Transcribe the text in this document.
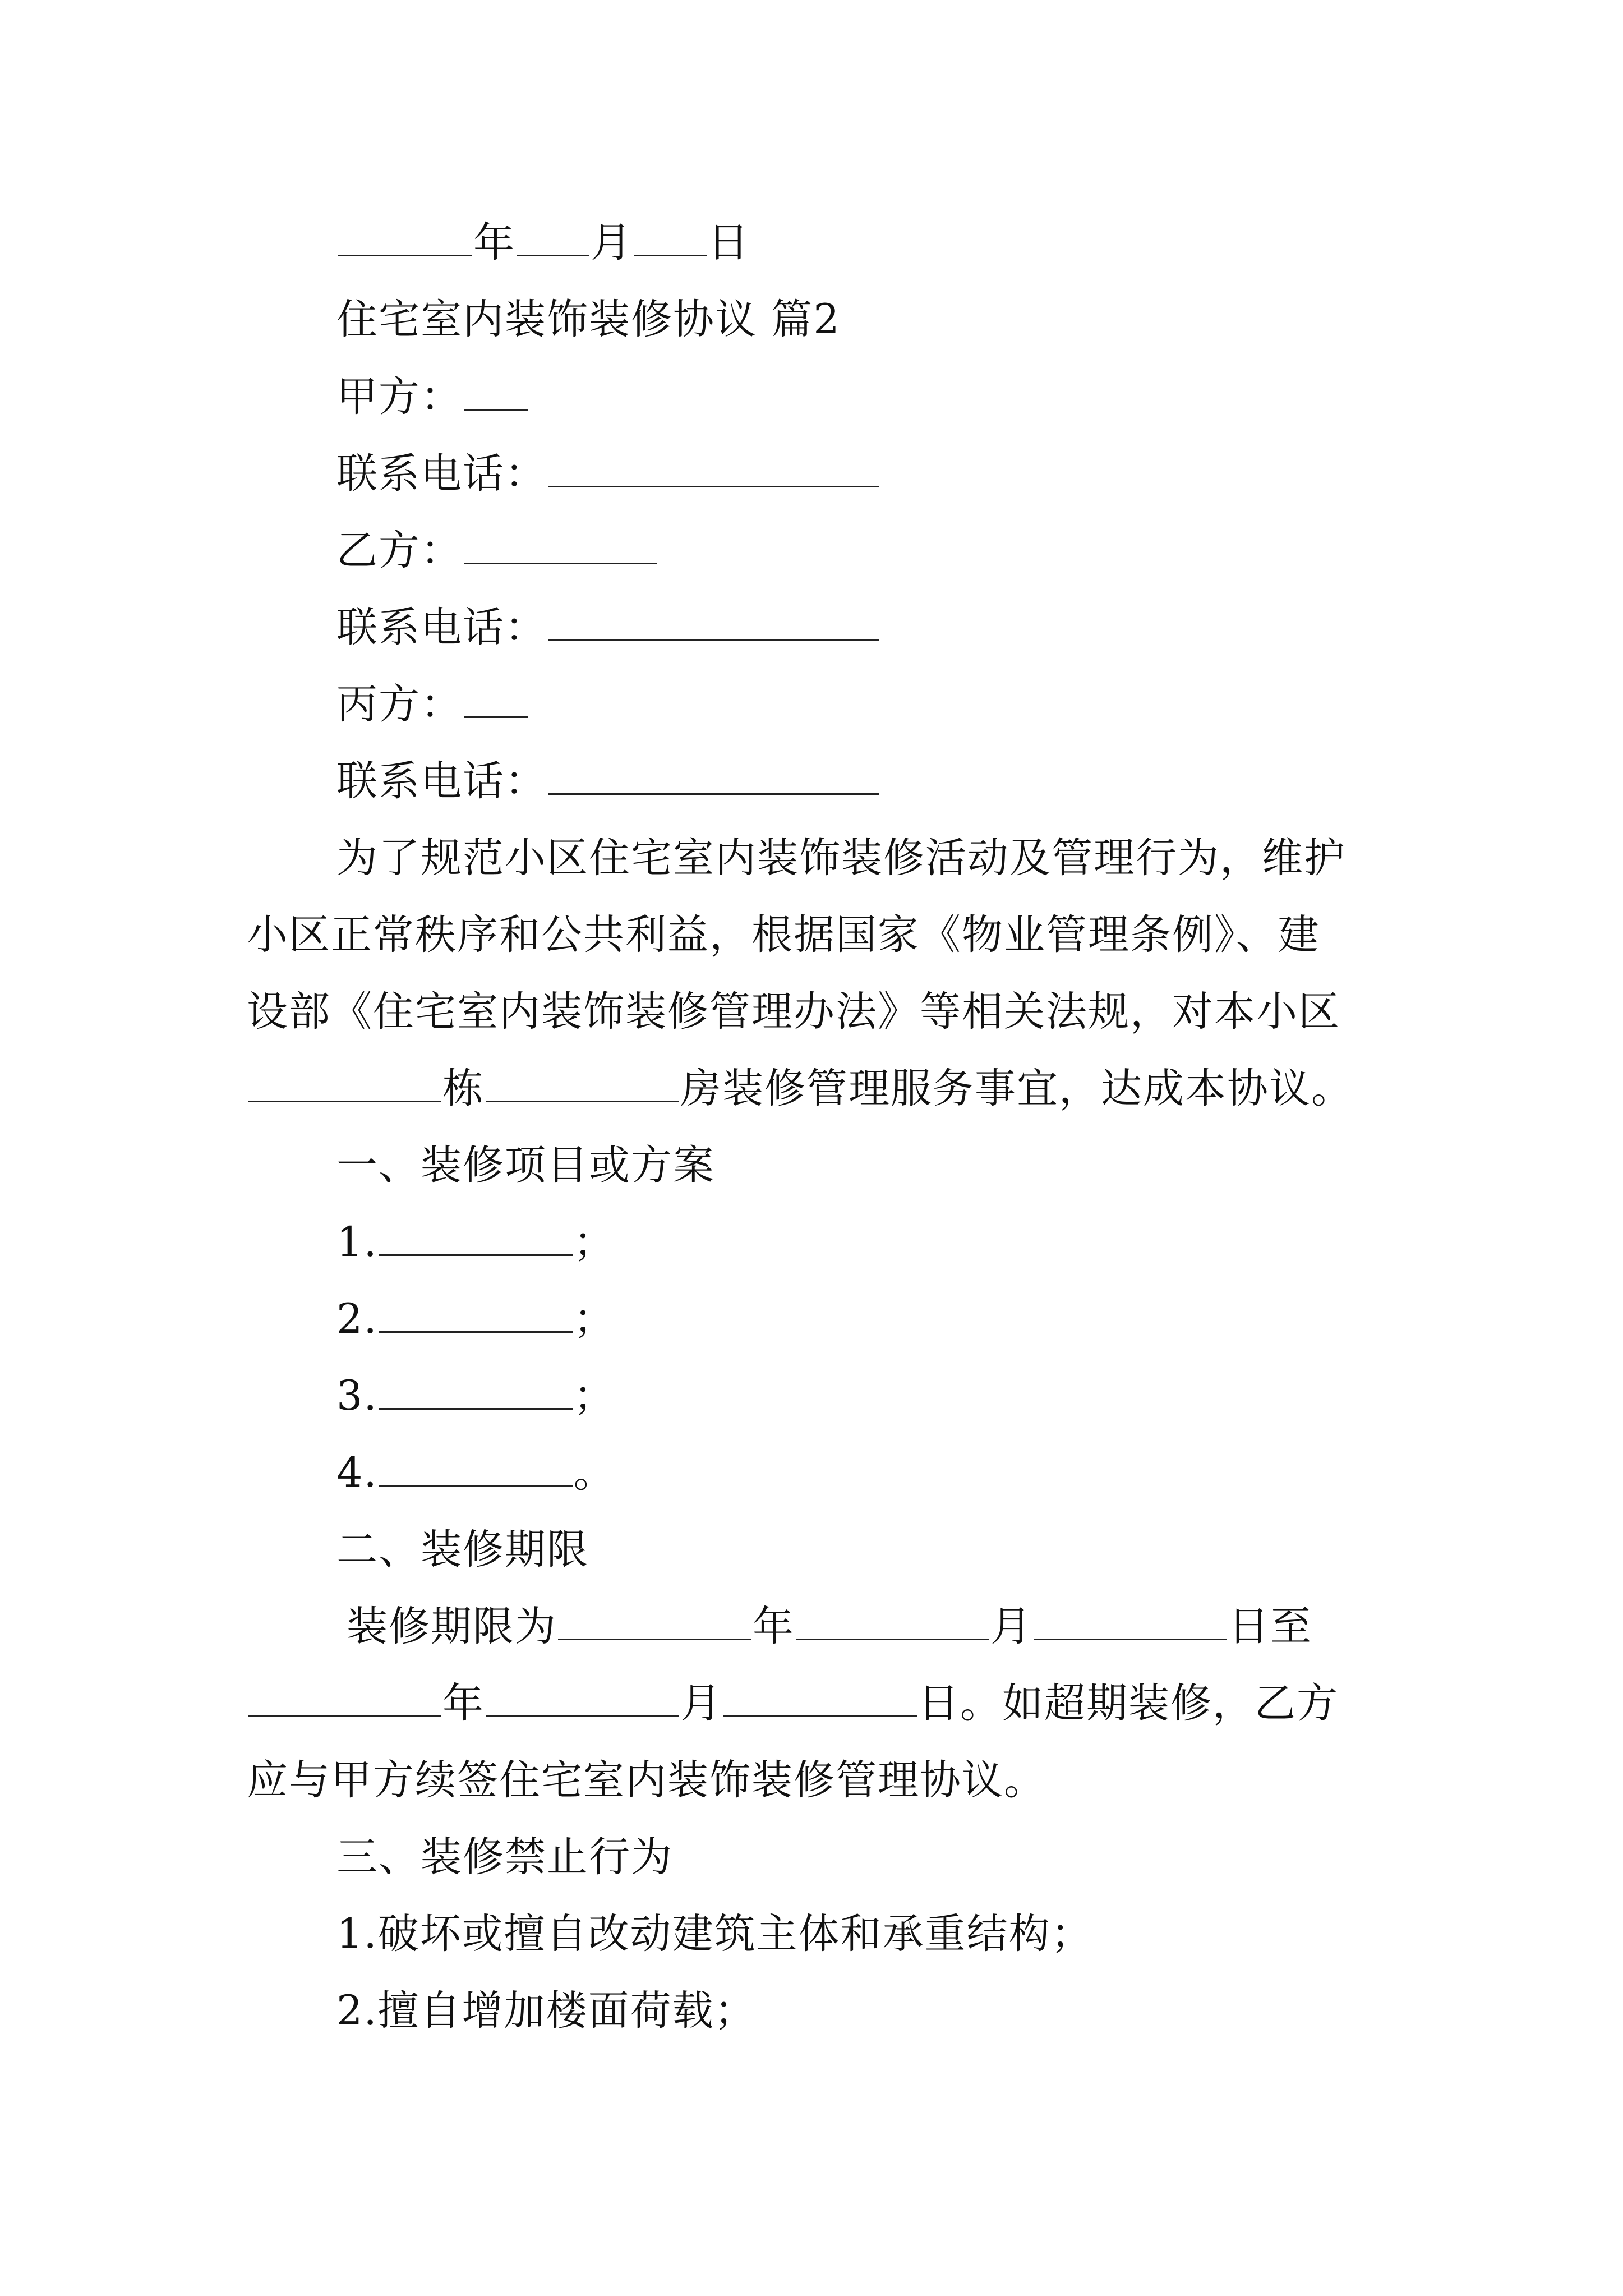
年 月 日
住宅室内装饰装修协议 篇2
甲方：
联系电话：
乙方：
联系电话：
丙方：
联系电话：
为了规范小区住宅室内装饰装修活动及管理行为，维护
小区正常秩序和公共利益，根据国家《物业管理条例》、建
设部《住宅室内装饰装修管理办法》等相关法规，对本小区
栋	房装修管理服务事宜，达成本协议。
一、装修项目或方案
1.	；
2.	；
3.	；
4.	。
二、装修期限
装修期限为	年	月	日至
年	月	日。如超期装修，乙方
应与甲方续签住宅室内装饰装修管理协议。
三、装修禁止行为
1.破坏或擅自改动建筑主体和承重结构；
2.擅自增加楼面荷载；
